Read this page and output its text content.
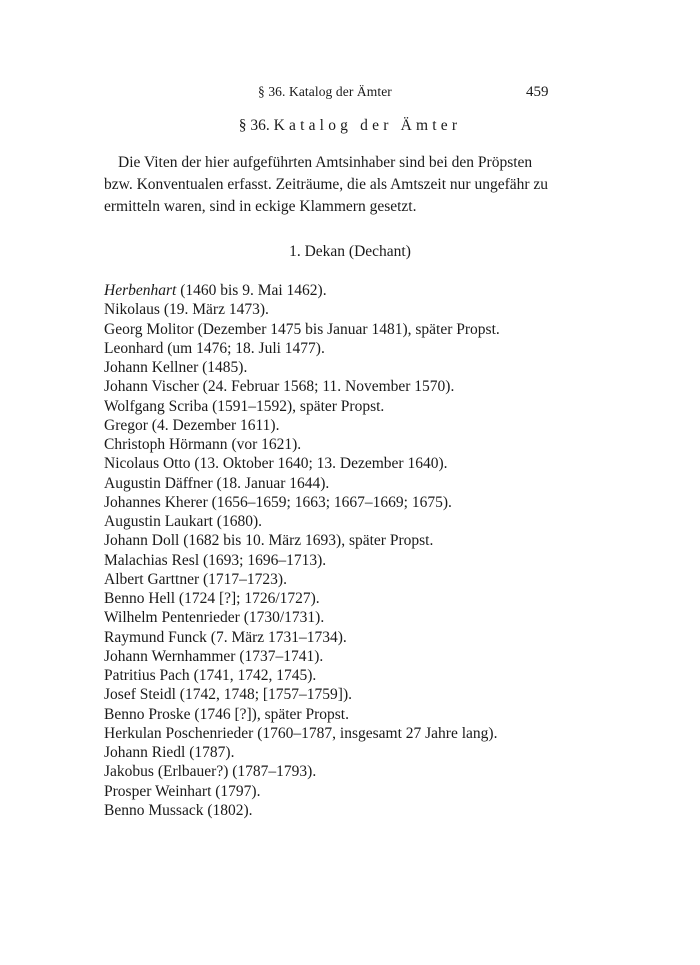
§ 36. Katalog der Ämter	459
§ 36. Katalog der Ämter

Die Viten der hier aufgeführten Amtsinhaber sind bei den Pröpsten bzw. Konventualen erfasst. Zeiträume, die als Amtszeit nur ungefähr zu ermitteln waren, sind in eckige Klammern gesetzt.

1. Dekan (Dechant)
Herbenhart (1460 bis 9. Mai 1462).
Nikolaus (19. März 1473).
Georg Molitor (Dezember 1475 bis Januar 1481), später Propst.
Leonhard (um 1476; 18. Juli 1477).
Johann Kellner (1485).
Johann Vischer (24. Februar 1568; 11. November 1570).
Wolfgang Scriba (1591–1592), später Propst.
Gregor (4. Dezember 1611).
Christoph Hörmann (vor 1621).
Nicolaus Otto (13. Oktober 1640; 13. Dezember 1640).
Augustin Däffner (18. Januar 1644).
Johannes Kherer (1656–1659; 1663; 1667–1669; 1675).
Augustin Laukart (1680).
Johann Doll (1682 bis 10. März 1693), später Propst.
Malachias Resl (1693; 1696–1713).
Albert Garttner (1717–1723).
Benno Hell (1724 [?]; 1726/1727).
Wilhelm Pentenrieder (1730/1731).
Raymund Funck (7. März 1731–1734).
Johann Wernhammer (1737–1741).
Patritius Pach (1741, 1742, 1745).
Josef Steidl (1742, 1748; [1757–1759]).
Benno Proske (1746 [?]), später Propst.
Herkulan Poschenrieder (1760–1787, insgesamt 27 Jahre lang).
Johann Riedl (1787).
Jakobus (Erlbauer?) (1787–1793).
Prosper Weinhart (1797).
Benno Mussack (1802).
